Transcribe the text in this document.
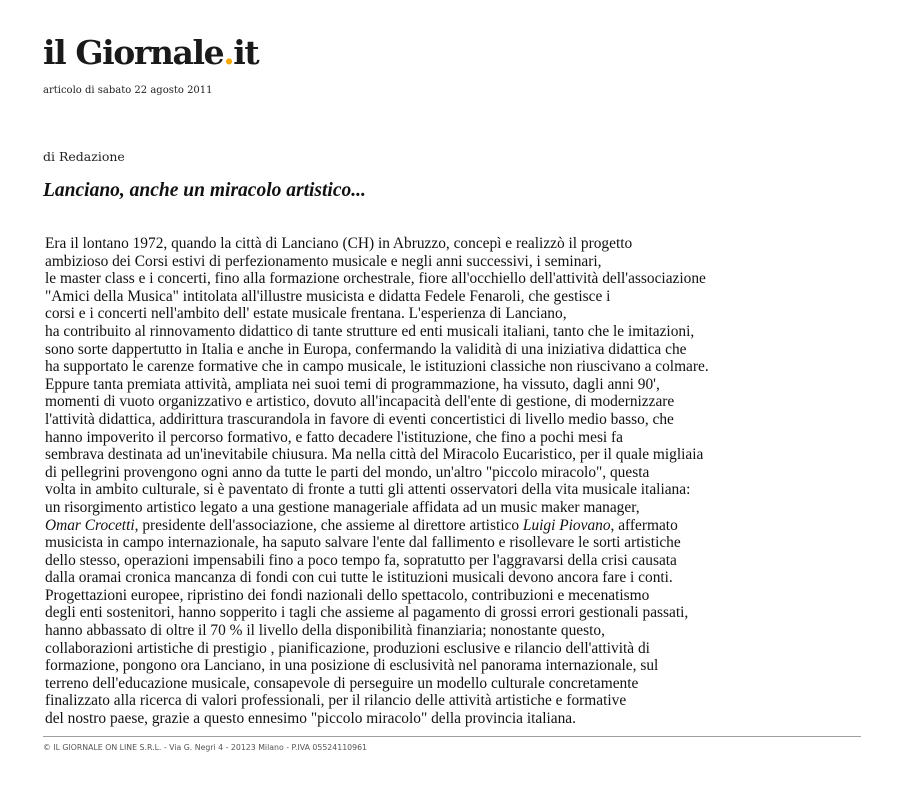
il Giornale.it
articolo di sabato 22 agosto 2011
di Redazione
Lanciano, anche un miracolo artistico...
Era il lontano 1972, quando la città di Lanciano (CH) in Abruzzo, concepì e realizzò il progetto
ambizioso dei Corsi estivi di perfezionamento musicale e negli anni successivi, i seminari,
le master class e i concerti, fino alla formazione orchestrale, fiore all'occhiello dell'attività dell'associazione
"Amici della Musica" intitolata all'illustre musicista e didatta Fedele Fenaroli, che gestisce i
corsi e i concerti nell'ambito dell' estate musicale frentana. L'esperienza di Lanciano,
ha contribuito al rinnovamento didattico di tante strutture ed enti musicali italiani, tanto che le imitazioni,
sono sorte dappertutto in Italia e anche in Europa, confermando la validità di una iniziativa didattica che
ha supportato le carenze formative che in campo musicale, le istituzioni classiche non riuscivano a colmare.
Eppure tanta premiata attività, ampliata nei suoi temi di programmazione, ha vissuto, dagli anni 90',
momenti di vuoto organizzativo e artistico, dovuto all'incapacità dell'ente di gestione, di modernizzare
l'attività didattica, addirittura trascurandola in favore di eventi concertistici di livello medio basso, che
hanno impoverito il percorso formativo, e fatto decadere l'istituzione, che fino a pochi mesi fa
sembrava destinata ad un'inevitabile chiusura. Ma nella città del Miracolo Eucaristico, per il quale migliaia
di pellegrini provengono ogni anno da tutte le parti del mondo, un'altro "piccolo miracolo", questa
volta in ambito culturale, si è paventato di fronte a tutti gli attenti osservatori della vita musicale italiana:
un risorgimento artistico legato a una gestione manageriale affidata ad un music maker manager,
Omar Crocetti, presidente dell'associazione, che assieme al direttore artistico Luigi Piovano, affermato
musicista in campo internazionale, ha saputo salvare l'ente dal fallimento e risollevare le sorti artistiche
dello stesso, operazioni impensabili fino a poco tempo fa, sopratutto per l'aggravarsi della crisi causata
dalla oramai cronica mancanza di fondi con cui tutte le istituzioni musicali devono ancora fare i conti.
Progettazioni europee, ripristino dei fondi nazionali dello spettacolo, contribuzioni e mecenatismo
degli enti sostenitori, hanno sopperito i tagli che assieme al pagamento di grossi errori gestionali passati,
hanno abbassato di oltre il 70 % il livello della disponibilità finanziaria; nonostante questo,
collaborazioni artistiche di prestigio , pianificazione, produzioni esclusive e rilancio dell'attività di
formazione, pongono ora Lanciano, in una posizione di esclusività nel panorama internazionale, sul
terreno dell'educazione musicale, consapevole di perseguire un modello culturale concretamente
finalizzato alla ricerca di valori professionali, per il rilancio delle attività artistiche e formative
del nostro paese, grazie a questo ennesimo "piccolo miracolo" della provincia italiana.
© IL GIORNALE ON LINE S.R.L. - Via G. Negri 4 - 20123 Milano - P.IVA 05524110961
